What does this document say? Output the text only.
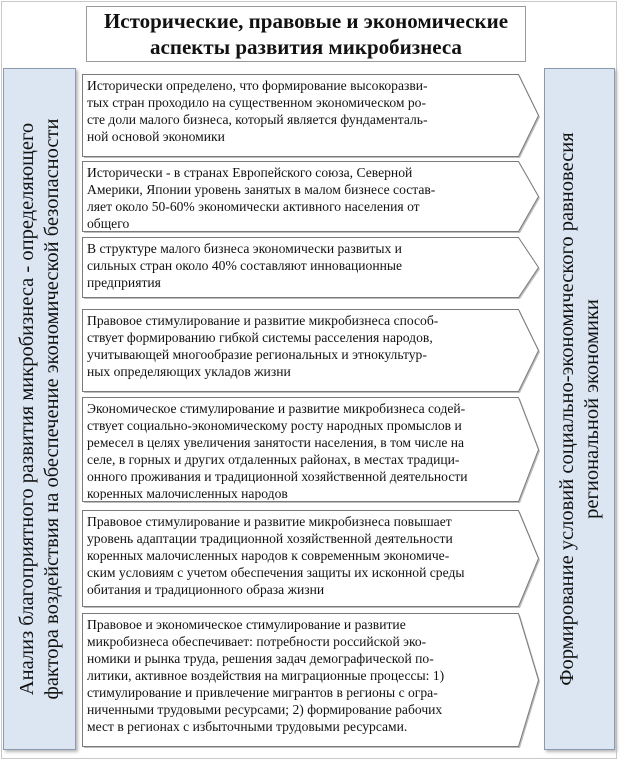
Исторические, правовые и экономические
аспекты развития микробизнеса
Анализ благоприятного развития микробизнеса - определяющего фактора воздействия на обеспечение экономической безопасности	Формирование условий социально-экономического равновесия региональной экономики
Исторически определено, что формирование высокоразви-
тых стран проходило на существенном экономическом ро-
сте доли малого бизнеса, который является фундаменталь-
ной основой экономики
Исторически - в странах Европейского союза, Северной
Америки, Японии уровень занятых в малом бизнесе состав-
ляет около 50-60% экономически активного населения от
общего
В структуре малого бизнеса экономически развитых и
сильных стран около 40% составляют инновационные
предприятия
Правовое стимулирование и развитие микробизнеса способ-
ствует формированию гибкой системы расселения народов,
учитывающей многообразие региональных и этнокультур-
ных определяющих укладов жизни
Экономическое стимулирование и развитие микробизнеса содей-
ствует социально-экономическому росту народных промыслов и
ремесел в целях увеличения занятости населения, в том числе на
селе, в горных и других отдаленных районах, в местах традици-
онного проживания и традиционной хозяйственной деятельности
коренных малочисленных народов
Правовое стимулирование и развитие микробизнеса повышает
уровень адаптации традиционной хозяйственной деятельности
коренных малочисленных народов к современным экономиче-
ским условиям с учетом обеспечения защиты их исконной среды
обитания и традиционного образа жизни
Правовое и экономическое стимулирование и развитие
микробизнеса обеспечивает: потребности российской эко-
номики и рынка труда, решения задач демографической по-
литики, активное воздействия на миграционные процессы: 1)
стимулирование и привлечение мигрантов в регионы с огра-
ниченными трудовыми ресурсами; 2) формирование рабочих
мест в регионах с избыточными трудовыми ресурсами.
